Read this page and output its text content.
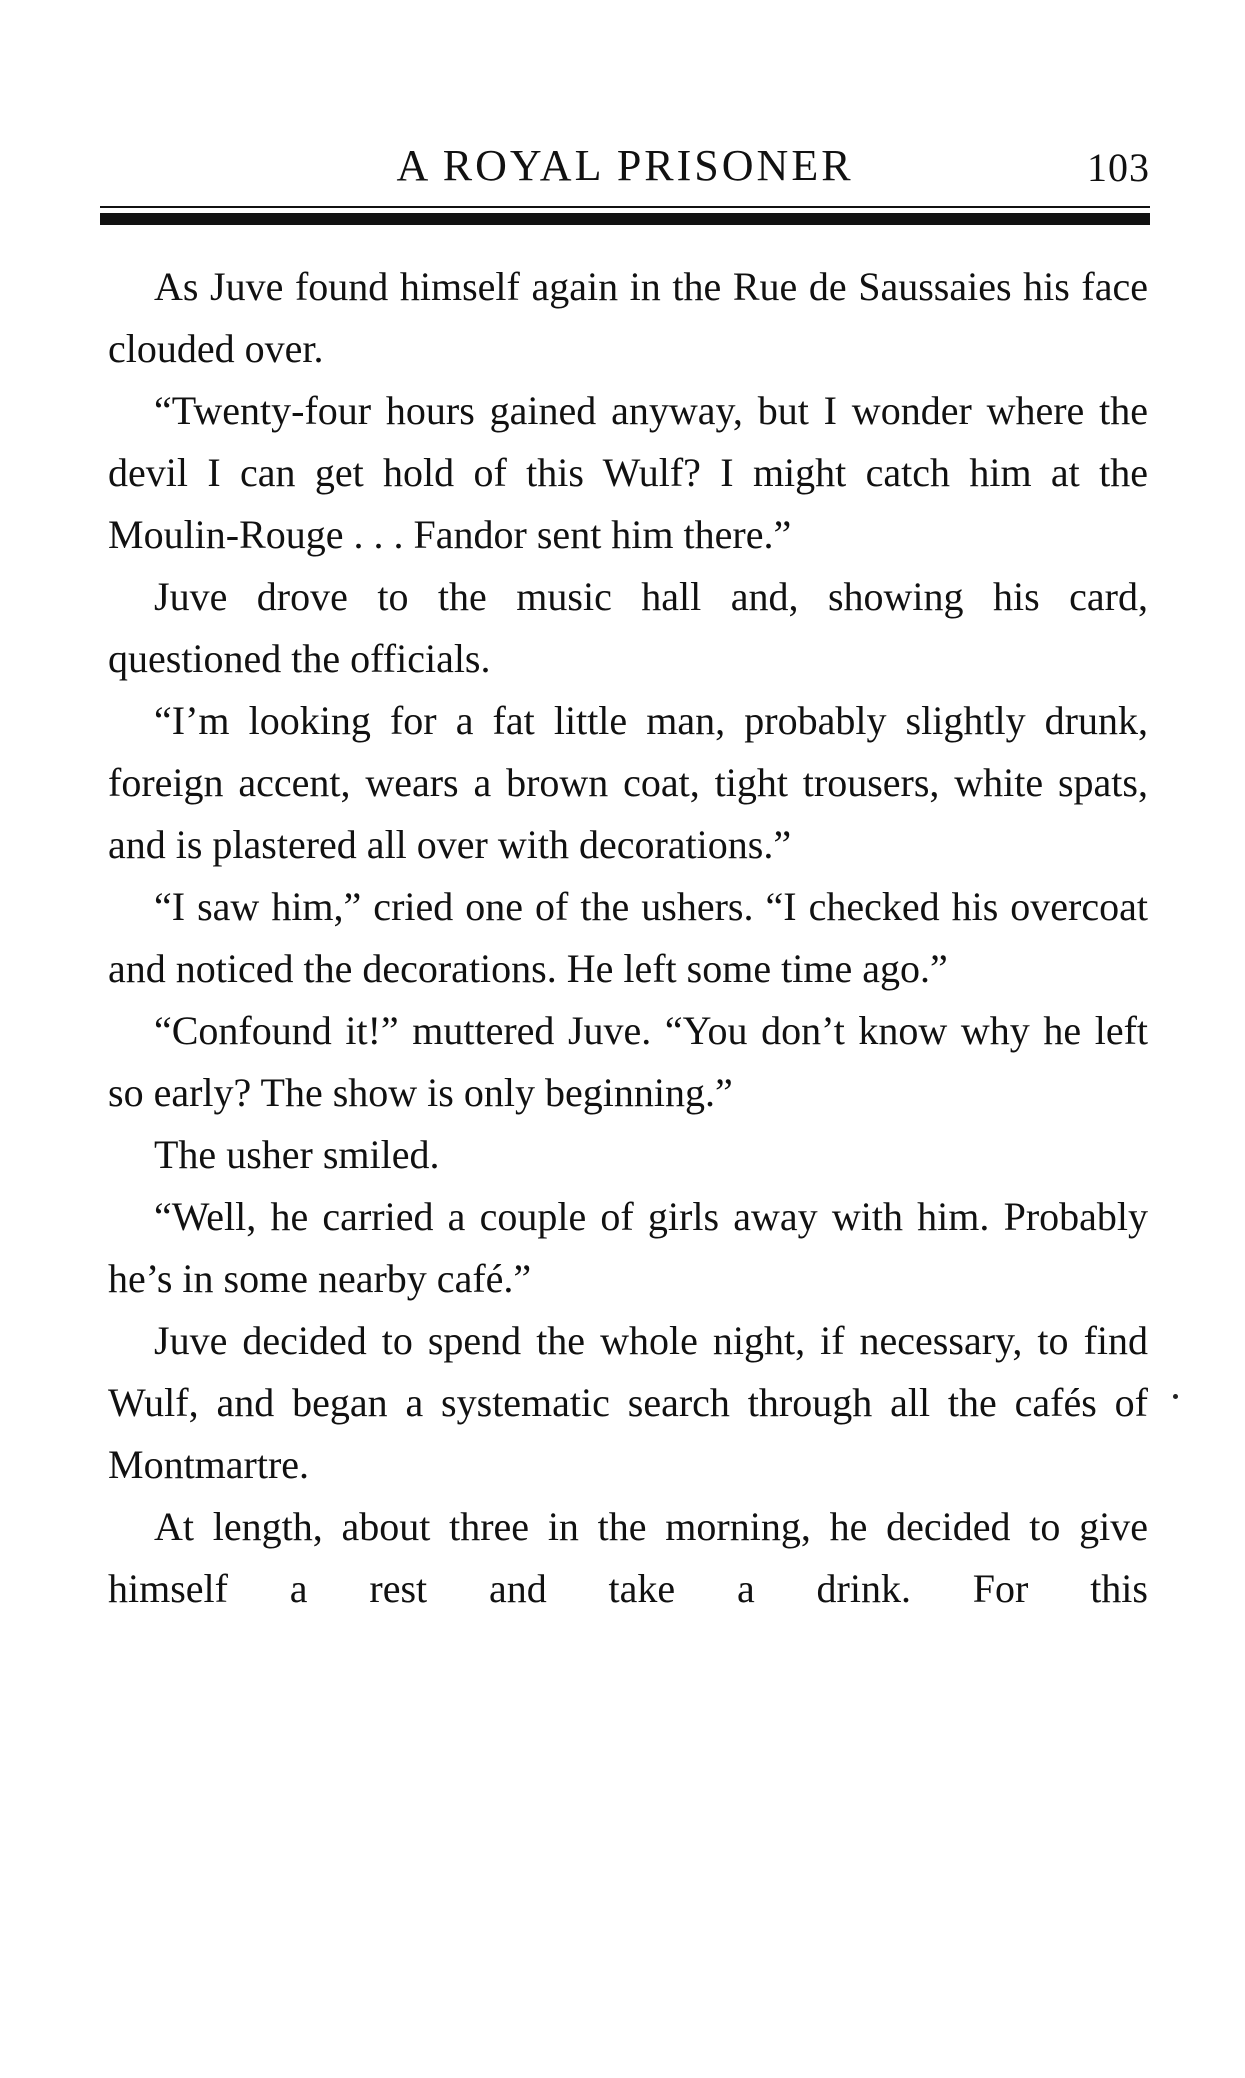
A ROYAL PRISONER	103

As Juve found himself again in the Rue de Saussaies his face clouded over.

“Twenty-four hours gained anyway, but I wonder where the devil I can get hold of this Wulf? I might catch him at the Moulin-Rouge . . . Fandor sent him there.”

Juve drove to the music hall and, showing his card, questioned the officials.

“I’m looking for a fat little man, probably slightly drunk, foreign accent, wears a brown coat, tight trousers, white spats, and is plastered all over with decorations.”

“I saw him,” cried one of the ushers. “I checked his overcoat and noticed the decorations. He left some time ago.”

“Confound it!” muttered Juve. “You don’t know why he left so early? The show is only beginning.”

The usher smiled.

“Well, he carried a couple of girls away with him. Probably he’s in some nearby café.”

Juve decided to spend the whole night, if necessary, to find Wulf, and began a systematic search through all the cafés of Montmartre.

At length, about three in the morning, he decided to give himself a rest and take a drink. For this
